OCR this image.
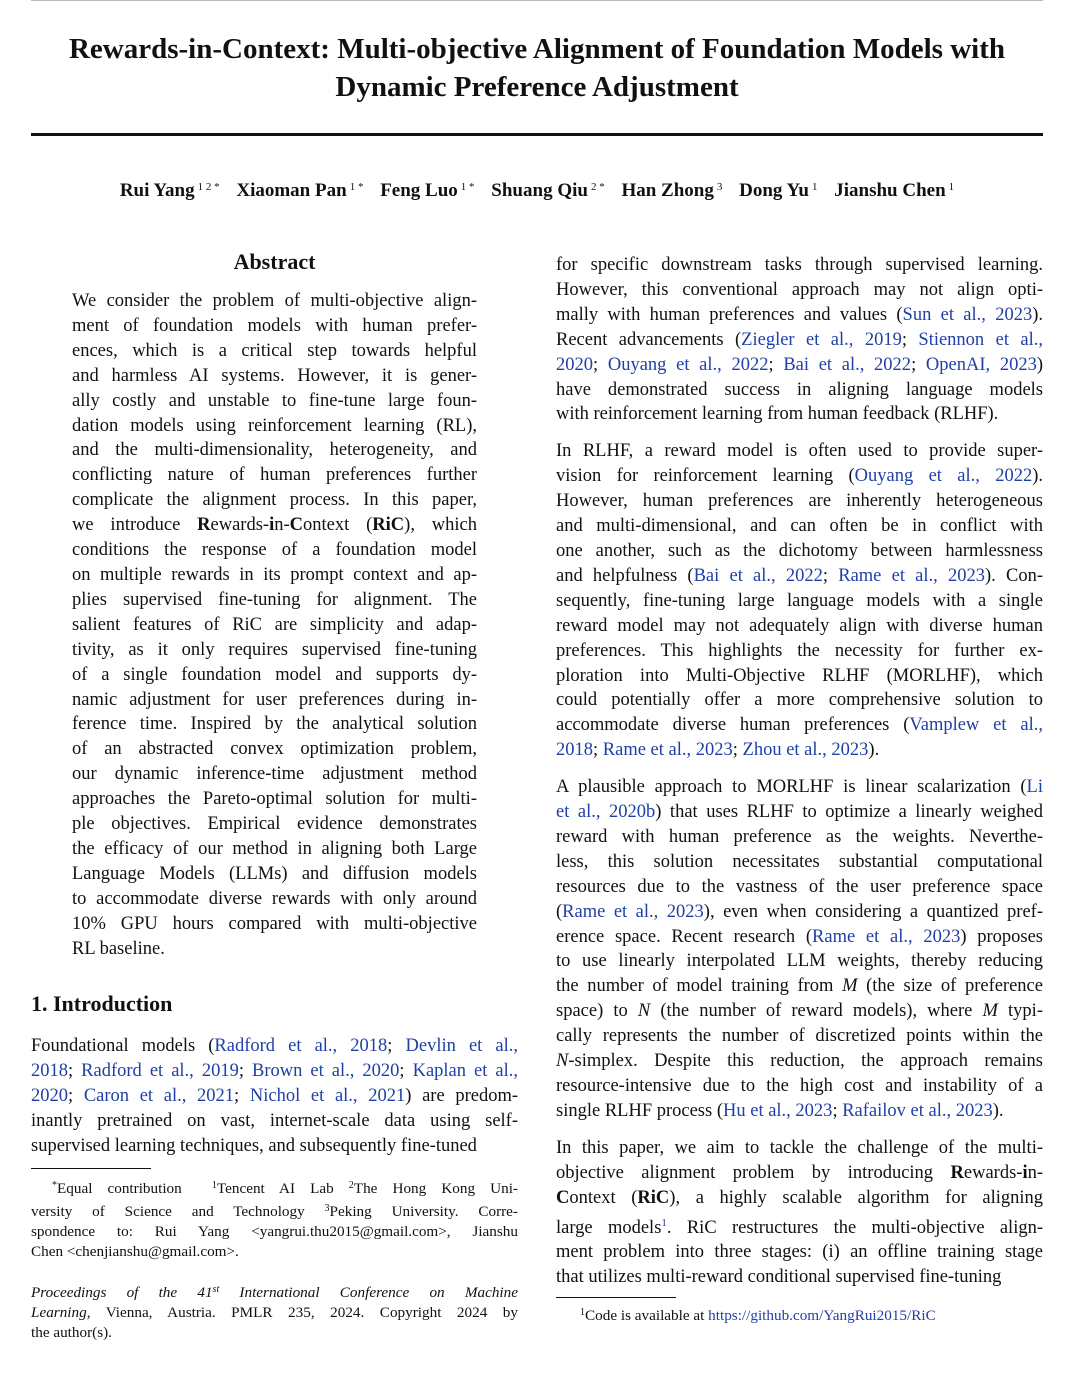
Rewards-in-Context: Multi-objective Alignment of Foundation Models with
Dynamic Preference Adjustment
Rui Yang $^{1 2 *}$ Xiaoman Pan $^{1 *}$ Feng Luo $^{1 *}$ Shuang Qiu $^{2 *}$ Han Zhong $^3$ Dong Yu $^1$ Jianshu Chen $^1$
Abstract
We consider the problem of multi-objective align-
ment of foundation models with human prefer-
ences, which is a critical step towards helpful
and harmless AI systems. However, it is gener-
ally costly and unstable to fine-tune large foun-
dation models using reinforcement learning (RL),
and the multi-dimensionality, heterogeneity, and
conflicting nature of human preferences further
complicate the alignment process. In this paper,
we introduce Rewards-in-Context (RiC), which
conditions the response of a foundation model
on multiple rewards in its prompt context and ap-
plies supervised fine-tuning for alignment. The
salient features of RiC are simplicity and adap-
tivity, as it only requires supervised fine-tuning
of a single foundation model and supports dy-
namic adjustment for user preferences during in-
ference time. Inspired by the analytical solution
of an abstracted convex optimization problem,
our dynamic inference-time adjustment method
approaches the Pareto-optimal solution for multi-
ple objectives. Empirical evidence demonstrates
the efficacy of our method in aligning both Large
Language Models (LLMs) and diffusion models
to accommodate diverse rewards with only around
10% GPU hours compared with multi-objective
RL baseline.
1. Introduction
Foundational models (Radford et al., 2018; Devlin et al.,
2018; Radford et al., 2019; Brown et al., 2020; Kaplan et al.,
2020; Caron et al., 2021; Nichol et al., 2021) are predom-
inantly pretrained on vast, internet-scale data using self-
supervised learning techniques, and subsequently fine-tuned
*Equal contribution  $^1$Tencent AI Lab $^2$The Hong Kong Uni-
versity of Science and Technology $^3$Peking University. Corre-
spondence to: Rui Yang <yangrui.thu2015@gmail.com>, Jianshu
Chen <chenjianshu@gmail.com>.
Proceedings of the 41st International Conference on Machine
Learning, Vienna, Austria. PMLR 235, 2024. Copyright 2024 by
the author(s).
for specific downstream tasks through supervised learning.
However, this conventional approach may not align opti-
mally with human preferences and values (Sun et al., 2023).
Recent advancements (Ziegler et al., 2019; Stiennon et al.,
2020; Ouyang et al., 2022; Bai et al., 2022; OpenAI, 2023)
have demonstrated success in aligning language models
with reinforcement learning from human feedback (RLHF).
In RLHF, a reward model is often used to provide super-
vision for reinforcement learning (Ouyang et al., 2022).
However, human preferences are inherently heterogeneous
and multi-dimensional, and can often be in conflict with
one another, such as the dichotomy between harmlessness
and helpfulness (Bai et al., 2022; Rame et al., 2023). Con-
sequently, fine-tuning large language models with a single
reward model may not adequately align with diverse human
preferences. This highlights the necessity for further ex-
ploration into Multi-Objective RLHF (MORLHF), which
could potentially offer a more comprehensive solution to
accommodate diverse human preferences (Vamplew et al.,
2018; Rame et al., 2023; Zhou et al., 2023).
A plausible approach to MORLHF is linear scalarization (Li
et al., 2020b) that uses RLHF to optimize a linearly weighed
reward with human preference as the weights. Neverthe-
less, this solution necessitates substantial computational
resources due to the vastness of the user preference space
(Rame et al., 2023), even when considering a quantized pref-
erence space. Recent research (Rame et al., 2023) proposes
to use linearly interpolated LLM weights, thereby reducing
the number of model training from M (the size of preference
space) to N (the number of reward models), where M typi-
cally represents the number of discretized points within the
N-simplex. Despite this reduction, the approach remains
resource-intensive due to the high cost and instability of a
single RLHF process (Hu et al., 2023; Rafailov et al., 2023).
In this paper, we aim to tackle the challenge of the multi-
objective alignment problem by introducing Rewards-in-
Context (RiC), a highly scalable algorithm for aligning
large models$^1$. RiC restructures the multi-objective align-
ment problem into three stages: (i) an offline training stage
that utilizes multi-reward conditional supervised fine-tuning
$^1$Code is available at https://github.com/YangRui2015/RiC
